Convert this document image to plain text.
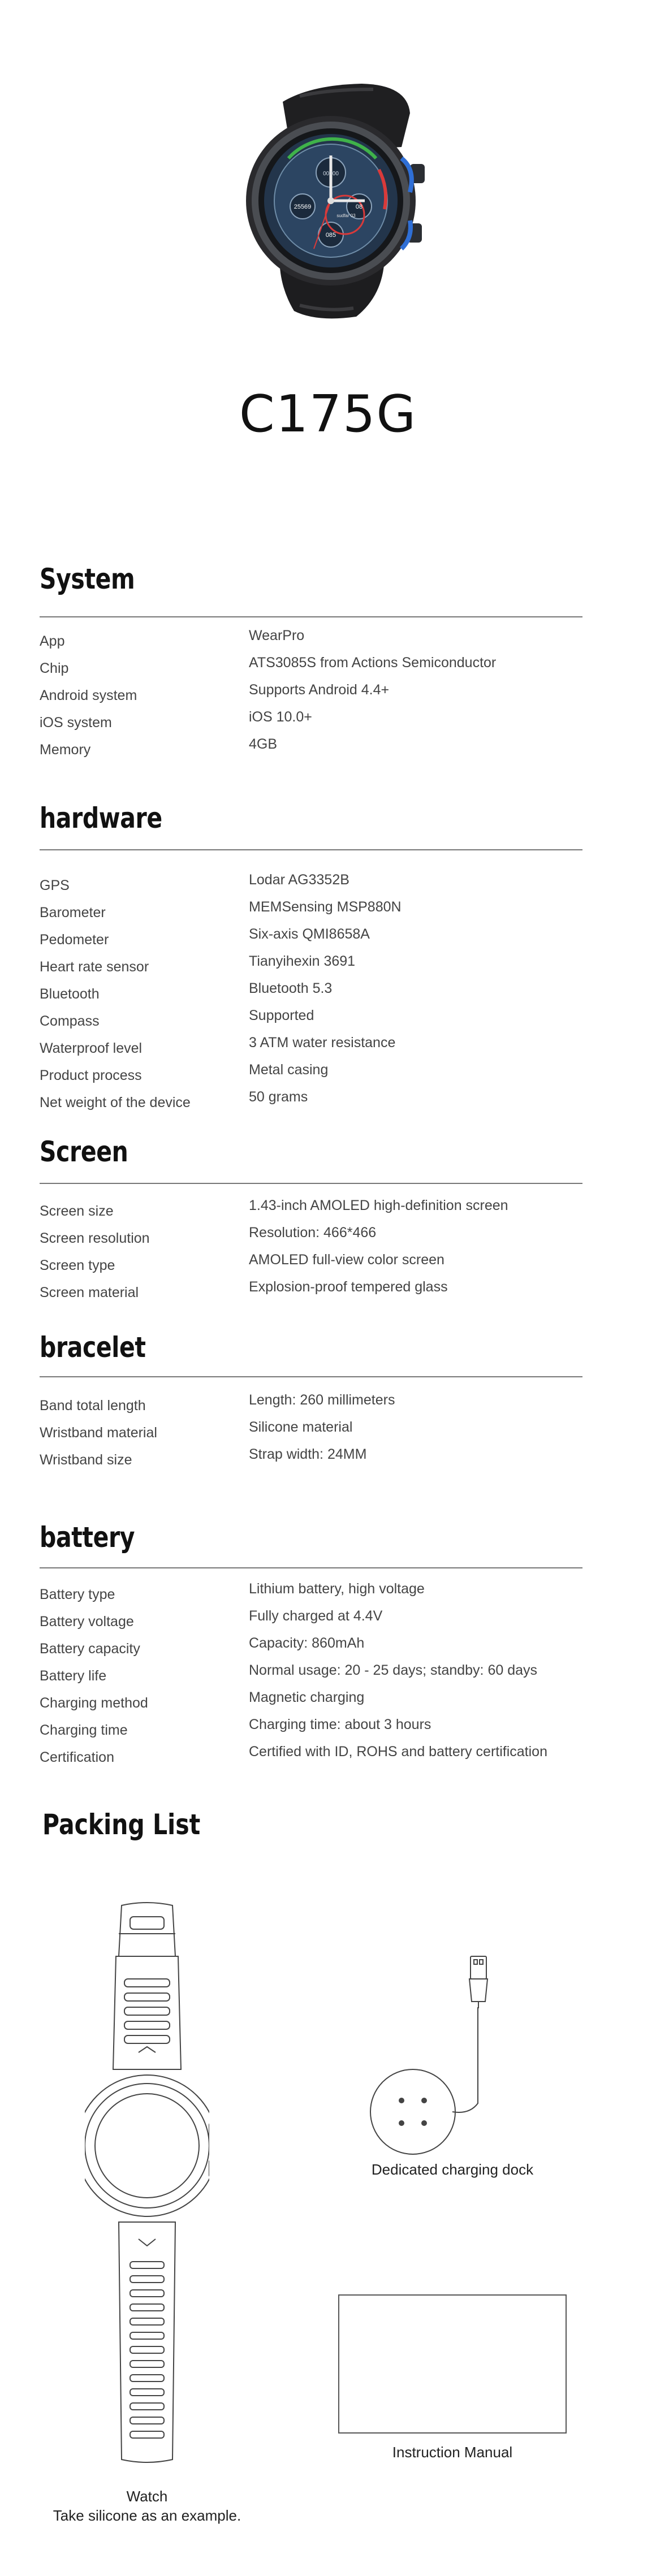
00000
25569	08
085
sudfar 03
C175G
System
App	WearPro
Chip	ATS3085S from Actions Semiconductor
Android system	Supports Android 4.4+
iOS system	iOS 10.0+
Memory	4GB
hardware
GPS	Lodar AG3352B
Barometer	MEMSensing MSP880N
Pedometer	Six-axis QMI8658A
Heart rate sensor	Tianyihexin 3691
Bluetooth	Bluetooth 5.3
Compass	Supported
Waterproof level	3 ATM water resistance
Product process	Metal casing
Net weight of the device	50 grams
Screen
Screen size	1.43-inch AMOLED high-definition screen
Screen resolution	Resolution: 466*466
Screen type	AMOLED full-view color screen
Screen material	Explosion-proof tempered glass
bracelet
Band total length	Length: 260 millimeters
Wristband material	Silicone material
Wristband size	Strap width: 24MM
battery
Battery type	Lithium battery, high voltage
Battery voltage	Fully charged at 4.4V
Battery capacity	Capacity: 860mAh
Battery life	Normal usage: 20 - 25 days; standby: 60 days
Charging method	Magnetic charging
Charging time	Charging time: about 3 hours
Certification	Certified with ID, ROHS and battery certification
Packing List
Watch
Take silicone as an example.
Dedicated charging dock
Instruction Manual
